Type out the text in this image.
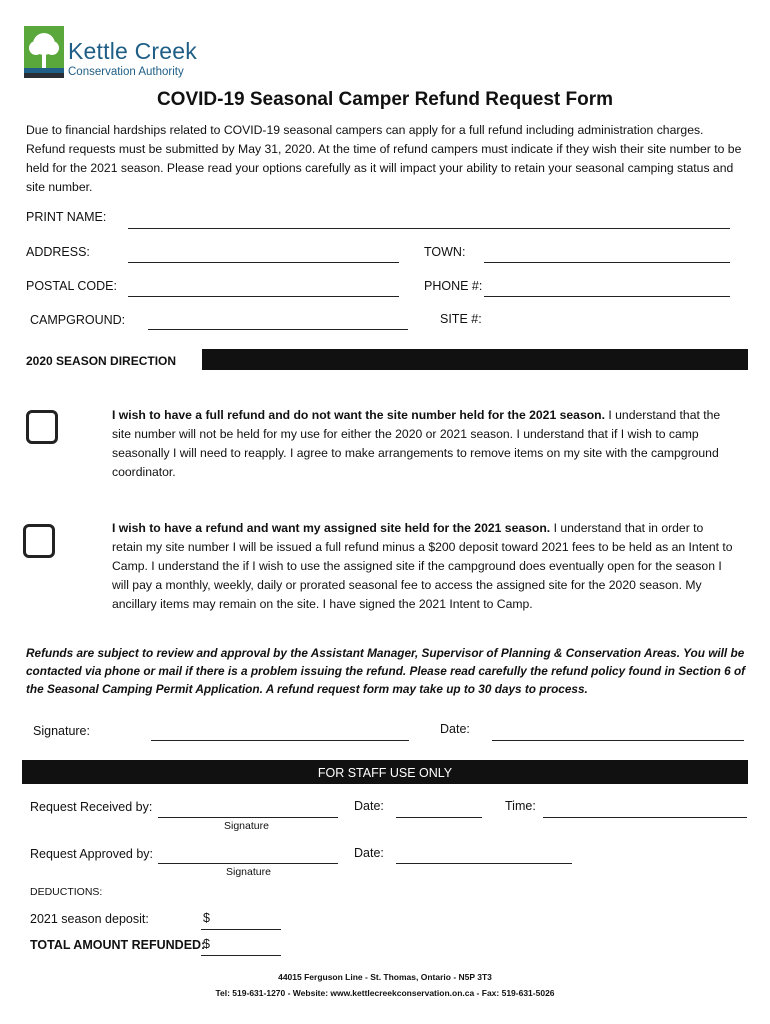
Kettle Creek
Conservation Authority
COVID-19 Seasonal Camper Refund Request Form
Due to financial hardships related to COVID-19 seasonal campers can apply for a full refund including administration charges. Refund requests must be submitted by May 31, 2020. At the time of refund campers must indicate if they wish their site number to be held for the 2021 season. Please read your options carefully as it will impact your ability to retain your seasonal camping status and site number.
PRINT NAME:
ADDRESS:	TOWN:
POSTAL CODE:	PHONE #:
CAMPGROUND:	SITE #:
2020 SEASON DIRECTION
I wish to have a full refund and do not want the site number held for the 2021 season. I understand that the site number will not be held for my use for either the 2020 or 2021 season. I understand that if I wish to camp seasonally I will need to reapply. I agree to make arrangements to remove items on my site with the campground coordinator.
I wish to have a refund and want my assigned site held for the 2021 season. I understand that in order to retain my site number I will be issued a full refund minus a $200 deposit toward 2021 fees to be held as an Intent to Camp. I understand the if I wish to use the assigned site if the campground does eventually open for the season I will pay a monthly, weekly, daily or prorated seasonal fee to access the assigned site for the 2020 season. My ancillary items may remain on the site. I have signed the 2021 Intent to Camp.
Refunds are subject to review and approval by the Assistant Manager, Supervisor of Planning & Conservation Areas. You will be contacted via phone or mail if there is a problem issuing the refund. Please read carefully the refund policy found in Section 6 of the Seasonal Camping Permit Application. A refund request form may take up to 30 days to process.
Signature:	Date:
FOR STAFF USE ONLY
Request Received by:
Signature
Date:	Time:
Request Approved by:
Signature
Date:
DEDUCTIONS:
2021 season deposit:	$
TOTAL AMOUNT REFUNDED:
$
44015 Ferguson Line - St. Thomas, Ontario - N5P 3T3
Tel: 519-631-1270 - Website: www.kettlecreekconservation.on.ca - Fax: 519-631-5026
